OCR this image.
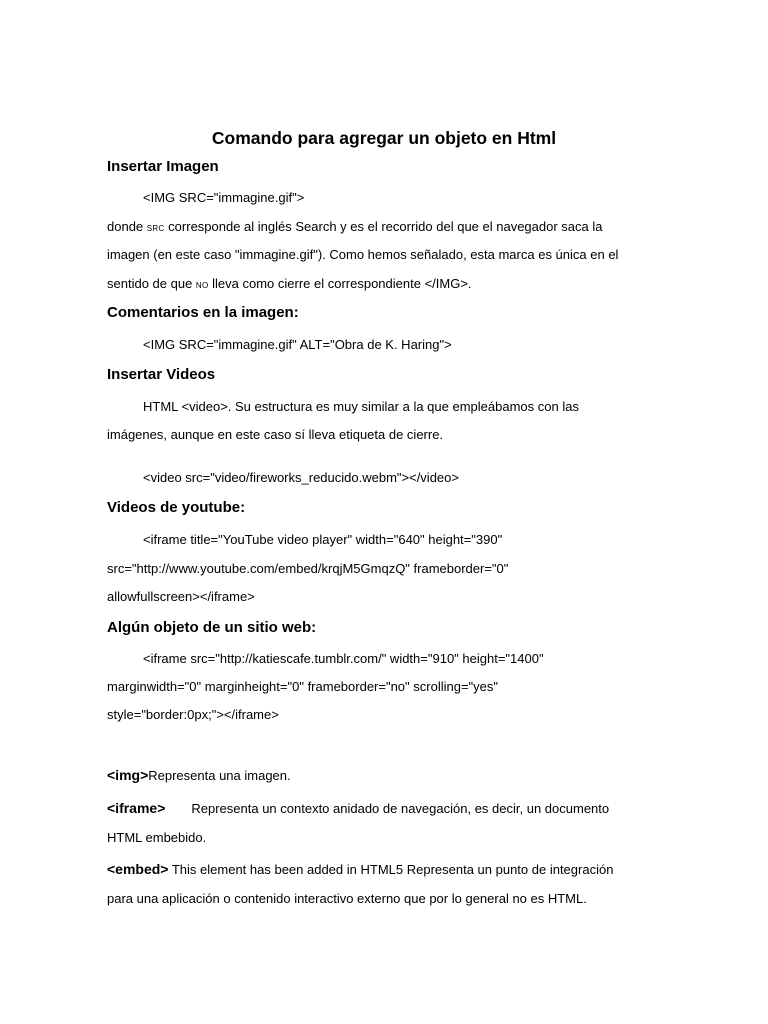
Comando para agregar un objeto en Html
Insertar Imagen
<IMG SRC="immagine.gif">
donde SRC corresponde al inglés Search y es el recorrido del que el navegador saca la
imagen (en este caso "immagine.gif"). Como hemos señalado, esta marca es única en el
sentido de que NO lleva como cierre el correspondiente </IMG>.
Comentarios en la imagen:
<IMG SRC="immagine.gif" ALT="Obra de K. Haring">
Insertar Videos
HTML <video>. Su estructura es muy similar a la que empleábamos con las
imágenes, aunque en este caso sí lleva etiqueta de cierre.
<video src="video/fireworks_reducido.webm"></video>
Videos de youtube:
<iframe title="YouTube video player" width="640" height="390"
src="http://www.youtube.com/embed/krqjM5GmqzQ" frameborder="0"
allowfullscreen></iframe>
Algún objeto de un sitio web:
<iframe src="http://katiescafe.tumblr.com/" width="910" height="1400"
marginwidth="0" marginheight="0" frameborder="no" scrolling="yes"
style="border:0px;"></iframe>
<img>Representa una imagen.
<iframe> Representa un contexto anidado de navegación, es decir, un documento
HTML embebido.
<embed> This element has been added in HTML5 Representa un punto de integración
para una aplicación o contenido interactivo externo que por lo general no es HTML.
